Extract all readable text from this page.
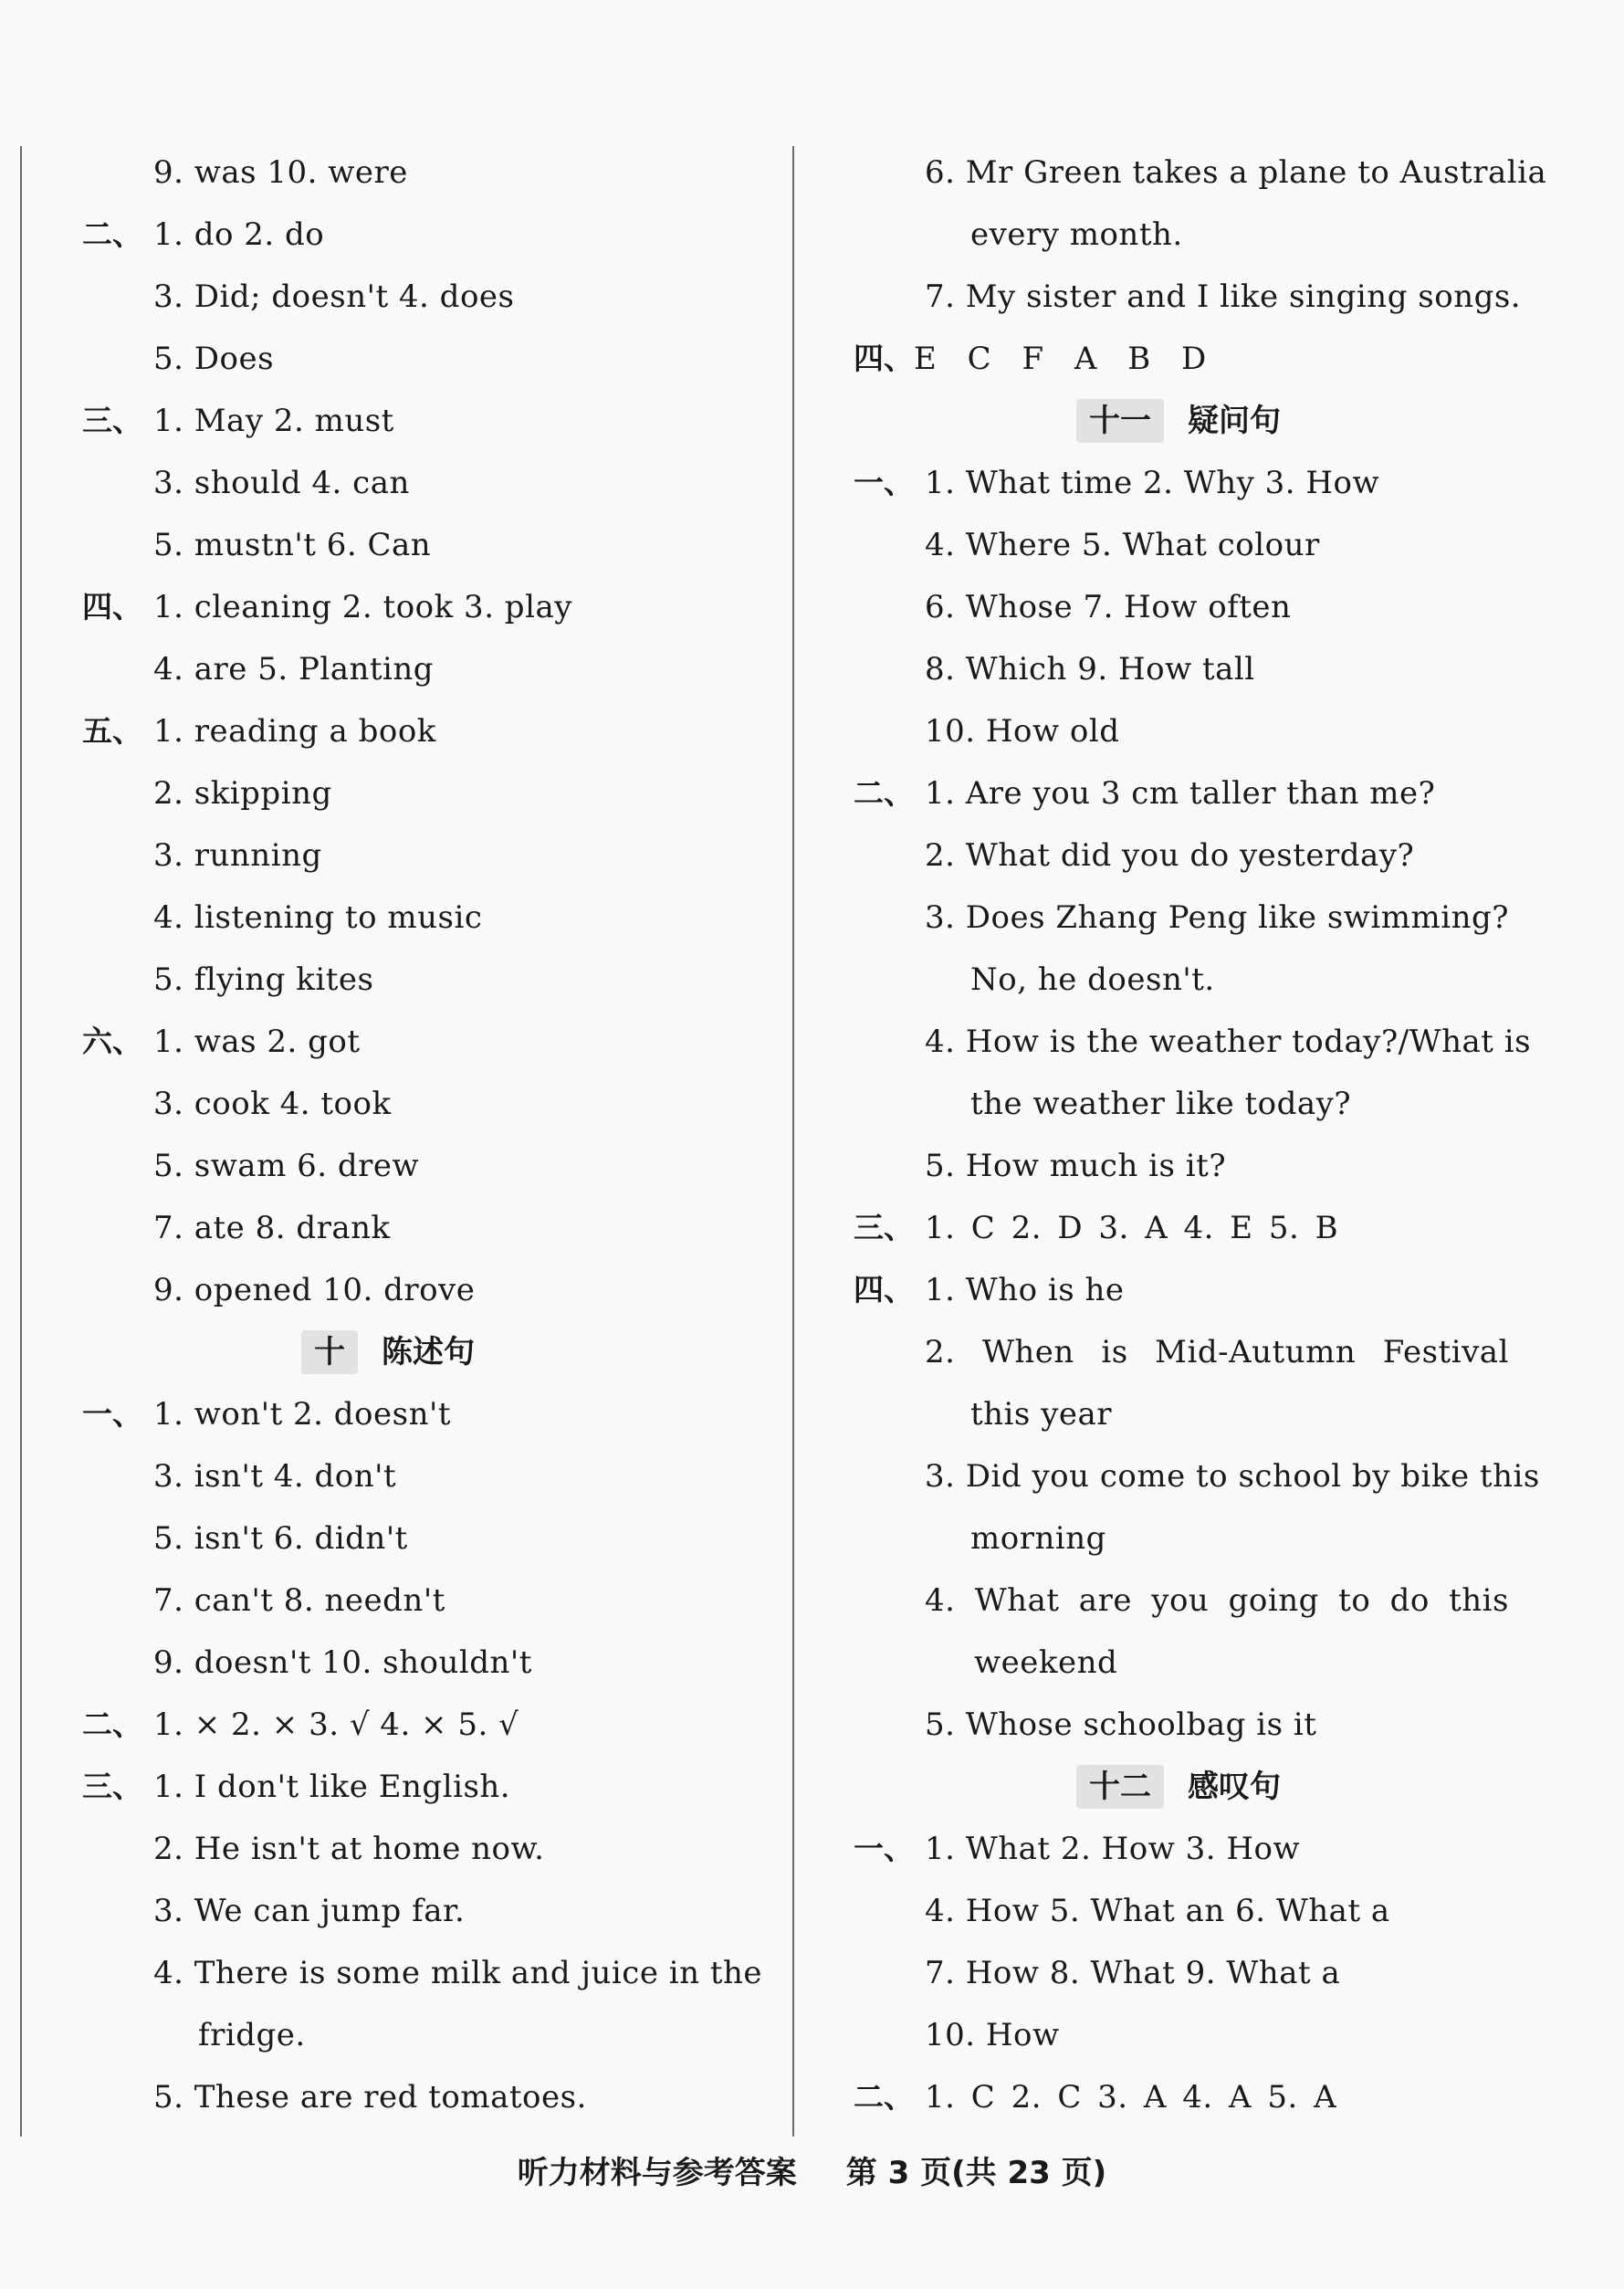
9. was 10. were
二、 1. do 2. do
3. Did; doesn't 4. does
5. Does
三、 1. May 2. must
3. should 4. can
5. mustn't 6. Can
四、 1. cleaning 2. took 3. play
4. are 5. Planting
五、 1. reading a book
2. skipping
3. running
4. listening to music
5. flying kites
六、 1. was 2. got
3. cook 4. took
5. swam 6. drew
7. ate 8. drank
9. opened 10. drove
十 陈述句
一、 1. won't 2. doesn't
3. isn't 4. don't
5. isn't 6. didn't
7. can't 8. needn't
9. doesn't 10. shouldn't
二、 1. × 2. × 3. √ 4. × 5. √
三、 1. I don't like English.
2. He isn't at home now.
3. We can jump far.
4. There is some milk and juice in the
fridge.
5. These are red tomatoes.
6. Mr Green takes a plane to Australia
every month.
7. My sister and I like singing songs.
四、 E C F A B D
十一 疑问句
一、 1. What time 2. Why 3. How
4. Where 5. What colour
6. Whose 7. How often
8. Which 9. How tall
10. How old
二、 1. Are you 3 cm taller than me?
2. What did you do yesterday?
3. Does Zhang Peng like swimming?
No, he doesn't.
4. How is the weather today?/What is
the weather like today?
5. How much is it?
三、 1. C 2. D 3. A 4. E 5. B
四、 1. Who is he
2. When is Mid-Autumn Festival
this year
3. Did you come to school by bike this
morning
4. What are you going to do this
weekend
5. Whose schoolbag is it
十二 感叹句
一、 1. What 2. How 3. How
4. How 5. What an 6. What a
7. How 8. What 9. What a
10. How
二、 1. C 2. C 3. A 4. A 5. A
听力材料与参考答案 第 3 页(共 23 页)
